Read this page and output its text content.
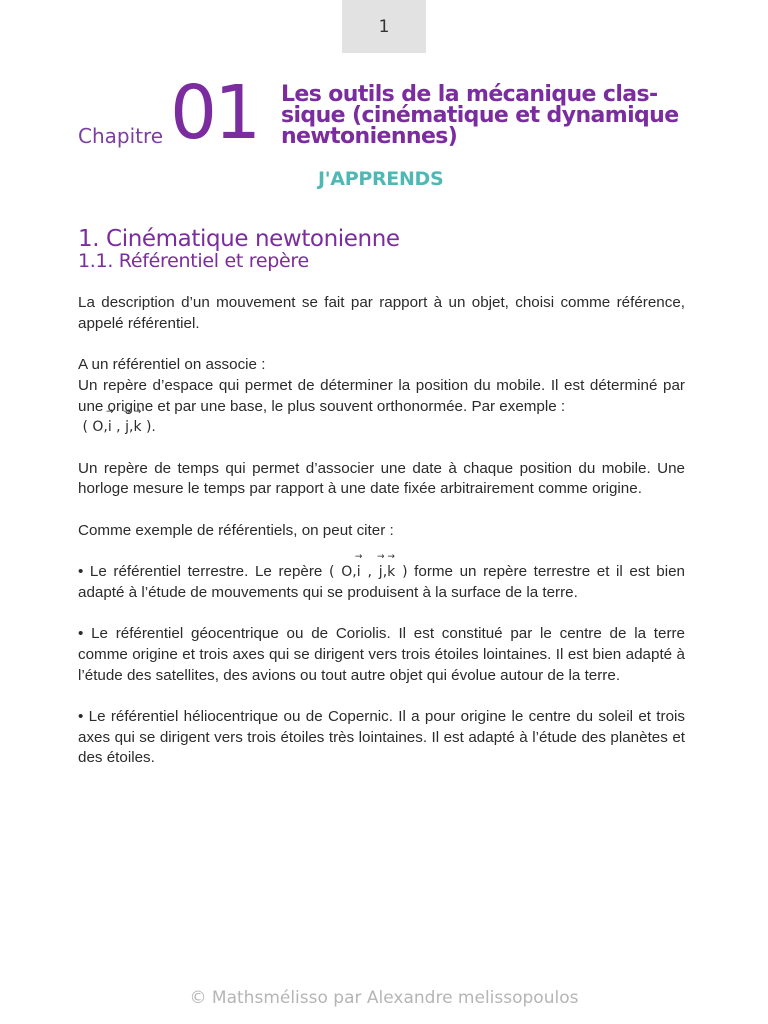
1
Chapitre 01 Les outils de la mécanique clas-sique (cinématique et dynamique newtoniennes)
J'APPRENDS
1. Cinématique newtonienne
1.1. Référentiel et repère

La description d’un mouvement se fait par rapport à un objet, choisi comme référence, appelé référentiel.

A un référentiel on associe :

Un repère d’espace qui permet de déterminer la position du mobile. Il est déterminé par une origine et par une base, le plus souvent orthonormée. Par exemple :

( O,→ i , → j,→ k ).

Un repère de temps qui permet d’associer une date à chaque position du mobile. Une horloge mesure le temps par rapport à une date fixée arbitrairement comme origine.

Comme exemple de référentiels, on peut citer :

• Le référentiel terrestre. Le repère ( O,→ i , → j,→ k ) forme un repère terrestre et il est bien adapté à l’étude de mouvements qui se produisent à la surface de la terre.

• Le référentiel géocentrique ou de Coriolis. Il est constitué par le centre de la terre comme origine et trois axes qui se dirigent vers trois étoiles lointaines. Il est bien adapté à l’étude des satellites, des avions ou tout autre objet qui évolue autour de la terre.

• Le référentiel héliocentrique ou de Copernic. Il a pour origine le centre du soleil et trois axes qui se dirigent vers trois étoiles très lointaines. Il est adapté à l’étude des planètes et des étoiles.

© Mathsmélisso par Alexandre melissopoulos
